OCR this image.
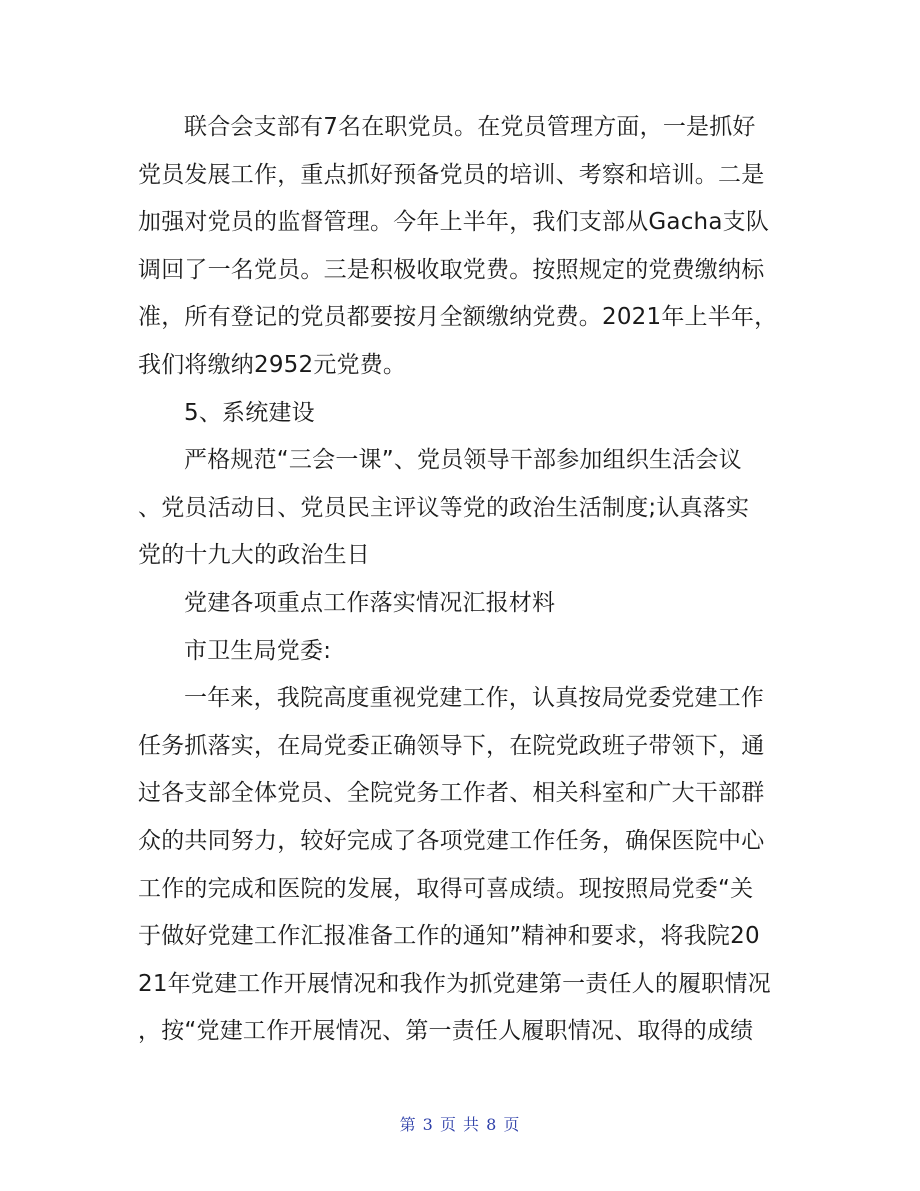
联合会支部有7名在职党员。在党员管理方面，一是抓好
党员发展工作，重点抓好预备党员的培训、考察和培训。二是
加强对党员的监督管理。今年上半年，我们支部从Gacha支队
调回了一名党员。三是积极收取党费。按照规定的党费缴纳标
准，所有登记的党员都要按月全额缴纳党费。2021年上半年，
我们将缴纳2952元党费。
5、系统建设
严格规范“三会一课”、党员领导干部参加组织生活会议
、党员活动日、党员民主评议等党的政治生活制度;认真落实
党的十九大的政治生日
党建各项重点工作落实情况汇报材料
市卫生局党委:
一年来，我院高度重视党建工作，认真按局党委党建工作
任务抓落实，在局党委正确领导下，在院党政班子带领下，通
过各支部全体党员、全院党务工作者、相关科室和广大干部群
众的共同努力，较好完成了各项党建工作任务，确保医院中心
工作的完成和医院的发展，取得可喜成绩。现按照局党委“关
于做好党建工作汇报准备工作的通知”精神和要求，将我院20
21年党建工作开展情况和我作为抓党建第一责任人的履职情况
，按“党建工作开展情况、第一责任人履职情况、取得的成绩
第 3 页 共 8 页
